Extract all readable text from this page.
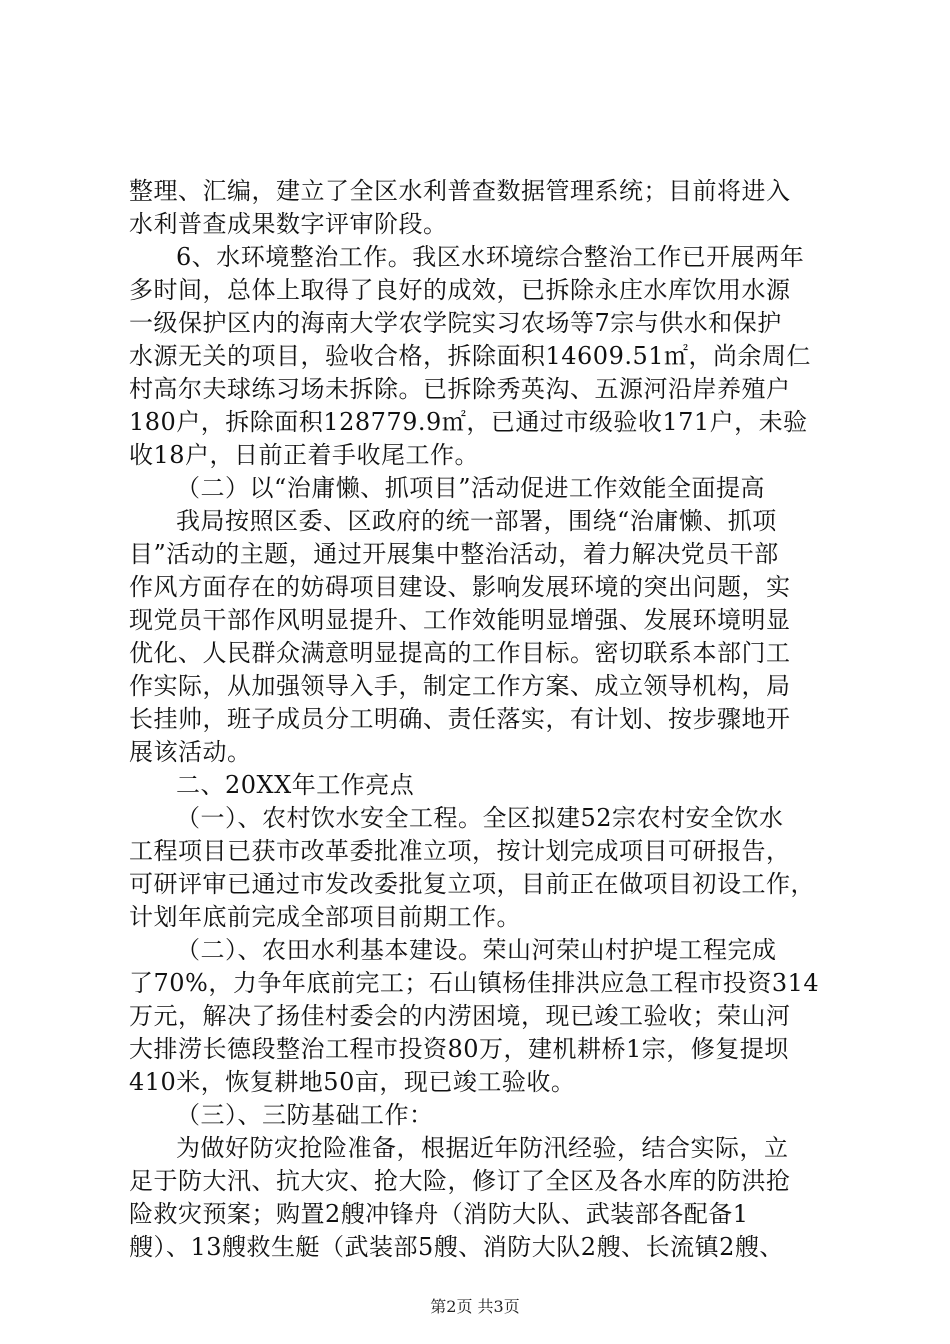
整理、汇编，建立了全区水利普查数据管理系统；目前将进入
水利普查成果数字评审阶段。
6、水环境整治工作。我区水环境综合整治工作已开展两年
多时间，总体上取得了良好的成效，已拆除永庄水库饮用水源
一级保护区内的海南大学农学院实习农场等7宗与供水和保护
水源无关的项目，验收合格，拆除面积14609.51㎡，尚余周仁
村高尔夫球练习场未拆除。已拆除秀英沟、五源河沿岸养殖户
180户，拆除面积128779.9㎡，已通过市级验收171户，未验
收18户，日前正着手收尾工作。
（二）以“治庸懒、抓项目”活动促进工作效能全面提高
我局按照区委、区政府的统一部署，围绕“治庸懒、抓项
目”活动的主题，通过开展集中整治活动，着力解决党员干部
作风方面存在的妨碍项目建设、影响发展环境的突出问题，实
现党员干部作风明显提升、工作效能明显增强、发展环境明显
优化、人民群众满意明显提高的工作目标。密切联系本部门工
作实际，从加强领导入手，制定工作方案、成立领导机构，局
长挂帅，班子成员分工明确、责任落实，有计划、按步骤地开
展该活动。
二、20XX年工作亮点
（一）、农村饮水安全工程。全区拟建52宗农村安全饮水
工程项目已获市改革委批准立项，按计划完成项目可研报告，
可研评审已通过市发改委批复立项，目前正在做项目初设工作，
计划年底前完成全部项目前期工作。
（二）、农田水利基本建设。荣山河荣山村护堤工程完成
了70%，力争年底前完工；石山镇杨佳排洪应急工程市投资314
万元，解决了扬佳村委会的内涝困境，现已竣工验收；荣山河
大排涝长德段整治工程市投资80万，建机耕桥1宗，修复提坝
410米，恢复耕地50亩，现已竣工验收。
（三）、三防基础工作：
为做好防灾抢险准备，根据近年防汛经验，结合实际，立
足于防大汛、抗大灾、抢大险，修订了全区及各水库的防洪抢
险救灾预案；购置2艘冲锋舟（消防大队、武装部各配备1
艘）、13艘救生艇（武装部5艘、消防大队2艘、长流镇2艘、
第2页 共3页
